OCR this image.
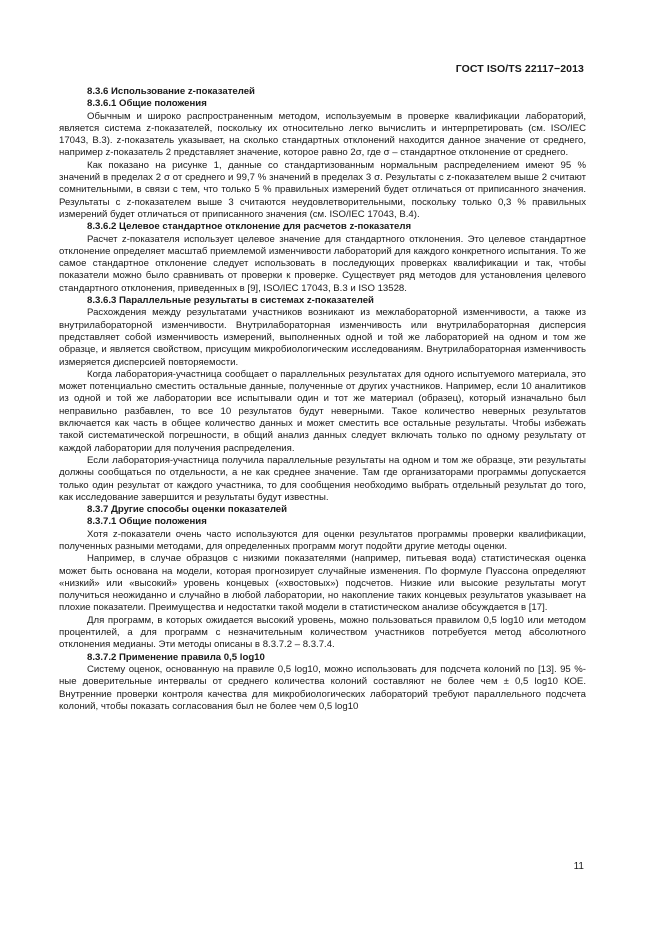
ГОСТ ISO/TS 22117−2013

8.3.6 Использование z-показателей

8.3.6.1 Общие положения

Обычным и широко распространенным методом, используемым в проверке квалификации лабораторий, является система z-показателей, поскольку их относительно легко вычислить и интерпретировать (см. ISO/IEC 17043, B.3). z-показатель указывает, на сколько стандартных отклонений находится данное значение от среднего, например z-показатель 2 представляет значение, которое равно 2σ, где σ – стандартное отклонение от среднего.

Как показано на рисунке 1, данные со стандартизованным нормальным распределением имеют 95 % значений в пределах 2 σ от среднего и 99,7 % значений в пределах 3 σ. Результаты с z-показателем выше 2 считают сомнительными, в связи с тем, что только 5 % правильных измерений будет отличаться от приписанного значения. Результаты с z-показателем выше 3 считаются неудовлетворительными, поскольку только 0,3 % правильных измерений будет отличаться от приписанного значения (см. ISO/IEC 17043, B.4).

8.3.6.2 Целевое стандартное отклонение для расчетов z-показателя

Расчет z-показателя использует целевое значение для стандартного отклонения. Это целевое стандартное отклонение определяет масштаб приемлемой изменчивости лабораторий для каждого конкретного испытания. То же самое стандартное отклонение следует использовать в последующих проверках квалификации и так, чтобы показатели можно было сравнивать от проверки к проверке. Существует ряд методов для установления целевого стандартного отклонения, приведенных в [9], ISO/IEC 17043, B.3 и ISO 13528.

8.3.6.3 Параллельные результаты в системах z-показателей

Расхождения между результатами участников возникают из межлабораторной изменчивости, а также из внутрилабораторной изменчивости. Внутрилабораторная изменчивость или внутрилабораторная дисперсия представляет собой изменчивость измерений, выполненных одной и той же лабораторией на одном и том же образце, и является свойством, присущим микробиологическим исследованиям. Внутрилабораторная изменчивость измеряется дисперсией повторяемости.

Когда лаборатория-участница сообщает о параллельных результатах для одного испытуемого материала, это может потенциально сместить остальные данные, полученные от других участников. Например, если 10 аналитиков из одной и той же лаборатории все испытывали один и тот же материал (образец), который изначально был неправильно разбавлен, то все 10 результатов будут неверными. Такое количество неверных результатов включается как часть в общее количество данных и может сместить все остальные результаты. Чтобы избежать такой систематической погрешности, в общий анализ данных следует включать только по одному результату от каждой лаборатории для получения распределения.

Если лаборатория-участница получила параллельные результаты на одном и том же образце, эти результаты должны сообщаться по отдельности, а не как среднее значение. Там где организаторами программы допускается только один результат от каждого участника, то для сообщения необходимо выбрать отдельный результат до того, как исследование завершится и результаты будут известны.

8.3.7 Другие способы оценки показателей

8.3.7.1 Общие положения

Хотя z-показатели очень часто используются для оценки результатов программы проверки квалификации, полученных разными методами, для определенных программ могут подойти другие методы оценки.

Например, в случае образцов с низкими показателями (например, питьевая вода) статистическая оценка может быть основана на модели, которая прогнозирует случайные изменения. По формуле Пуассона определяют «низкий» или «высокий» уровень концевых («хвостовых») подсчетов. Низкие или высокие результаты могут получиться неожиданно и случайно в любой лаборатории, но накопление таких концевых результатов указывает на плохие показатели. Преимущества и недостатки такой модели в статистическом анализе обсуждается в [17].

Для программ, в которых ожидается высокий уровень, можно пользоваться правилом 0,5 log10 или методом процентилей, а для программ с незначительным количеством участников потребуется метод абсолютного отклонения медианы. Эти методы описаны в 8.3.7.2 – 8.3.7.4.

8.3.7.2 Применение правила 0,5 log10

Систему оценок, основанную на правиле 0,5 log10, можно использовать для подсчета колоний по [13]. 95 %-ные доверительные интервалы от среднего количества колоний составляют не более чем ± 0,5 log10 КОЕ. Внутренние проверки контроля качества для микробиологических лабораторий требуют параллельного подсчета колоний, чтобы показать согласования был не более чем 0,5 log10

11
